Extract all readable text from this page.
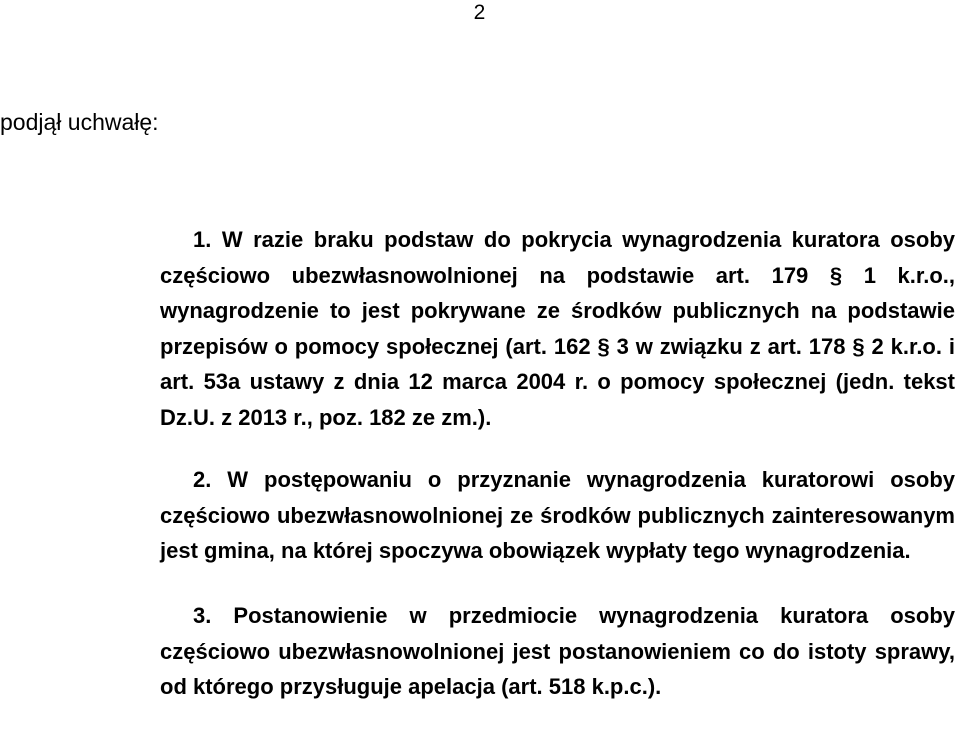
2
podjął uchwałę:

1. W razie braku podstaw do pokrycia wynagrodzenia kuratora osoby częściowo ubezwłasnowolnionej na podstawie art. 179 § 1 k.r.o., wynagrodzenie to jest pokrywane ze środków publicznych na podstawie przepisów o pomocy społecznej (art. 162 § 3 w związku z art. 178 § 2 k.r.o. i art. 53a ustawy z dnia 12 marca 2004 r. o pomocy społecznej (jedn. tekst Dz.U. z 2013 r., poz. 182 ze zm.).

2. W postępowaniu o przyznanie wynagrodzenia kuratorowi osoby częściowo ubezwłasnowolnionej ze środków publicznych zainteresowanym jest gmina, na której spoczywa obowiązek wypłaty tego wynagrodzenia.

3. Postanowienie w przedmiocie wynagrodzenia kuratora osoby częściowo ubezwłasnowolnionej jest postanowieniem co do istoty sprawy, od którego przysługuje apelacja (art. 518 k.p.c.).
